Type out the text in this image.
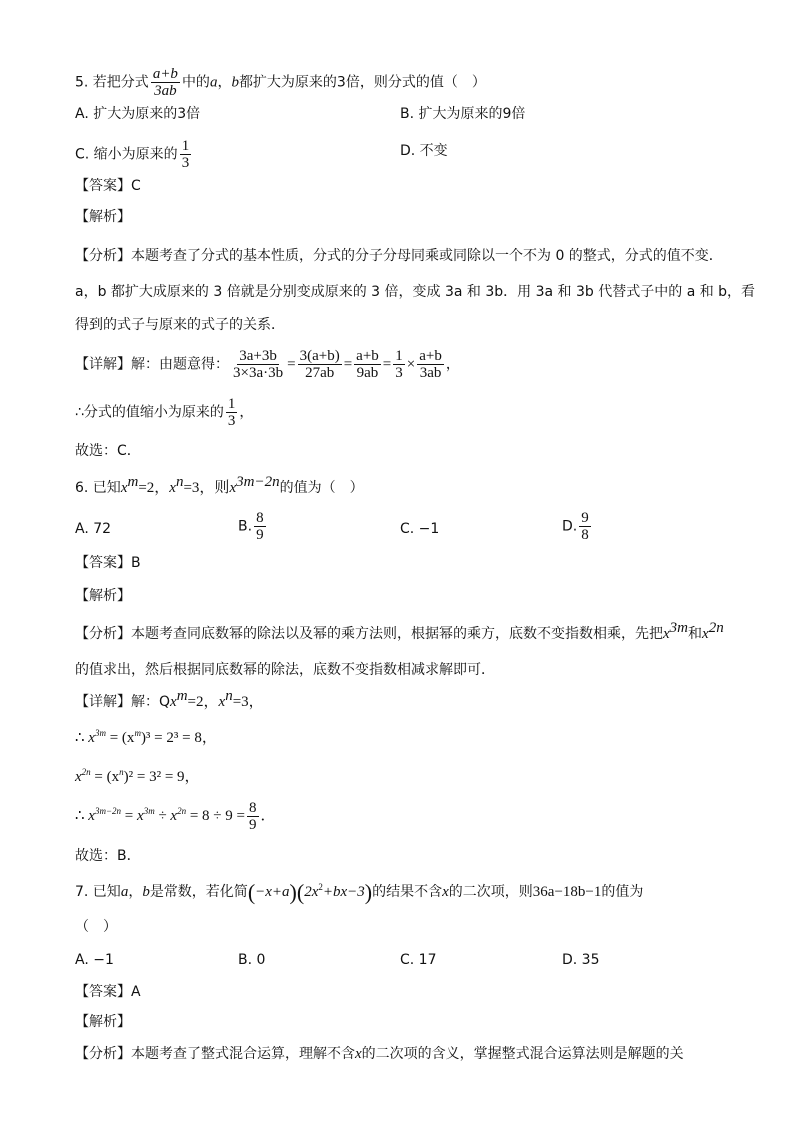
5. 若把分式 $\frac{a+b}{3ab}$ 中的a，b都扩大为原来的3倍，则分式的值（　）
A. 扩大为原来的3倍	B. 扩大为原来的9倍
C. 缩小为原来的 $\frac{1}{3}$	D. 不变
【答案】C
【解析】
【分析】本题考查了分式的基本性质，分式的分子分母同乘或同除以一个不为 0 的整式，分式的值不变．
a，b 都扩大成原来的 3 倍就是分别变成原来的 3 倍，变成 3a 和 3b．用 3a 和 3b 代替式子中的 a 和 b，看
得到的式子与原来的式子的关系．
【详解】解：由题意得： $\frac{3a+3b}{3\times 3a\cdot 3b} = \frac{3(a+b)}{27ab} = \frac{a+b}{9ab} = \frac{1}{3} \times \frac{a+b}{3ab}$ ，
∴分式的值缩小为原来的 $\frac{1}{3}$ ，
故选：C．
6. 已知$x^m=2$，$x^n=3$，则$x^{3m-2n}$的值为（　）
A. 72	B. $\frac{8}{9}$	C. −1	D. $\frac{9}{8}$
【答案】B
【解析】
【分析】本题考查同底数幂的除法以及幂的乘方法则，根据幂的乘方，底数不变指数相乘，先把$x^{3m}$和$x^{2n}$
的值求出，然后根据同底数幂的除法，底数不变指数相减求解即可．
【详解】解：$Qx^m=2$，$x^n=3$，
∴ $x^{3m} = (x^m)^3 = 2^3 = 8$，
$x^{2n} = (x^n)^2 = 3^2 = 9$，
∴ $x^{3m-2n} = x^{3m} \div x^{2n} = 8 \div 9 = \frac{8}{9}$ ．
故选：B．
7. 已知a，b是常数，若化简$(-x+a)(2x^2+bx-3)$的结果不含x的二次项，则36a−18b−1的值为
（　）
A. −1	B. 0	C. 17	D. 35
【答案】A
【解析】
【分析】本题考查了整式混合运算，理解不含x的二次项的含义，掌握整式混合运算法则是解题的关
